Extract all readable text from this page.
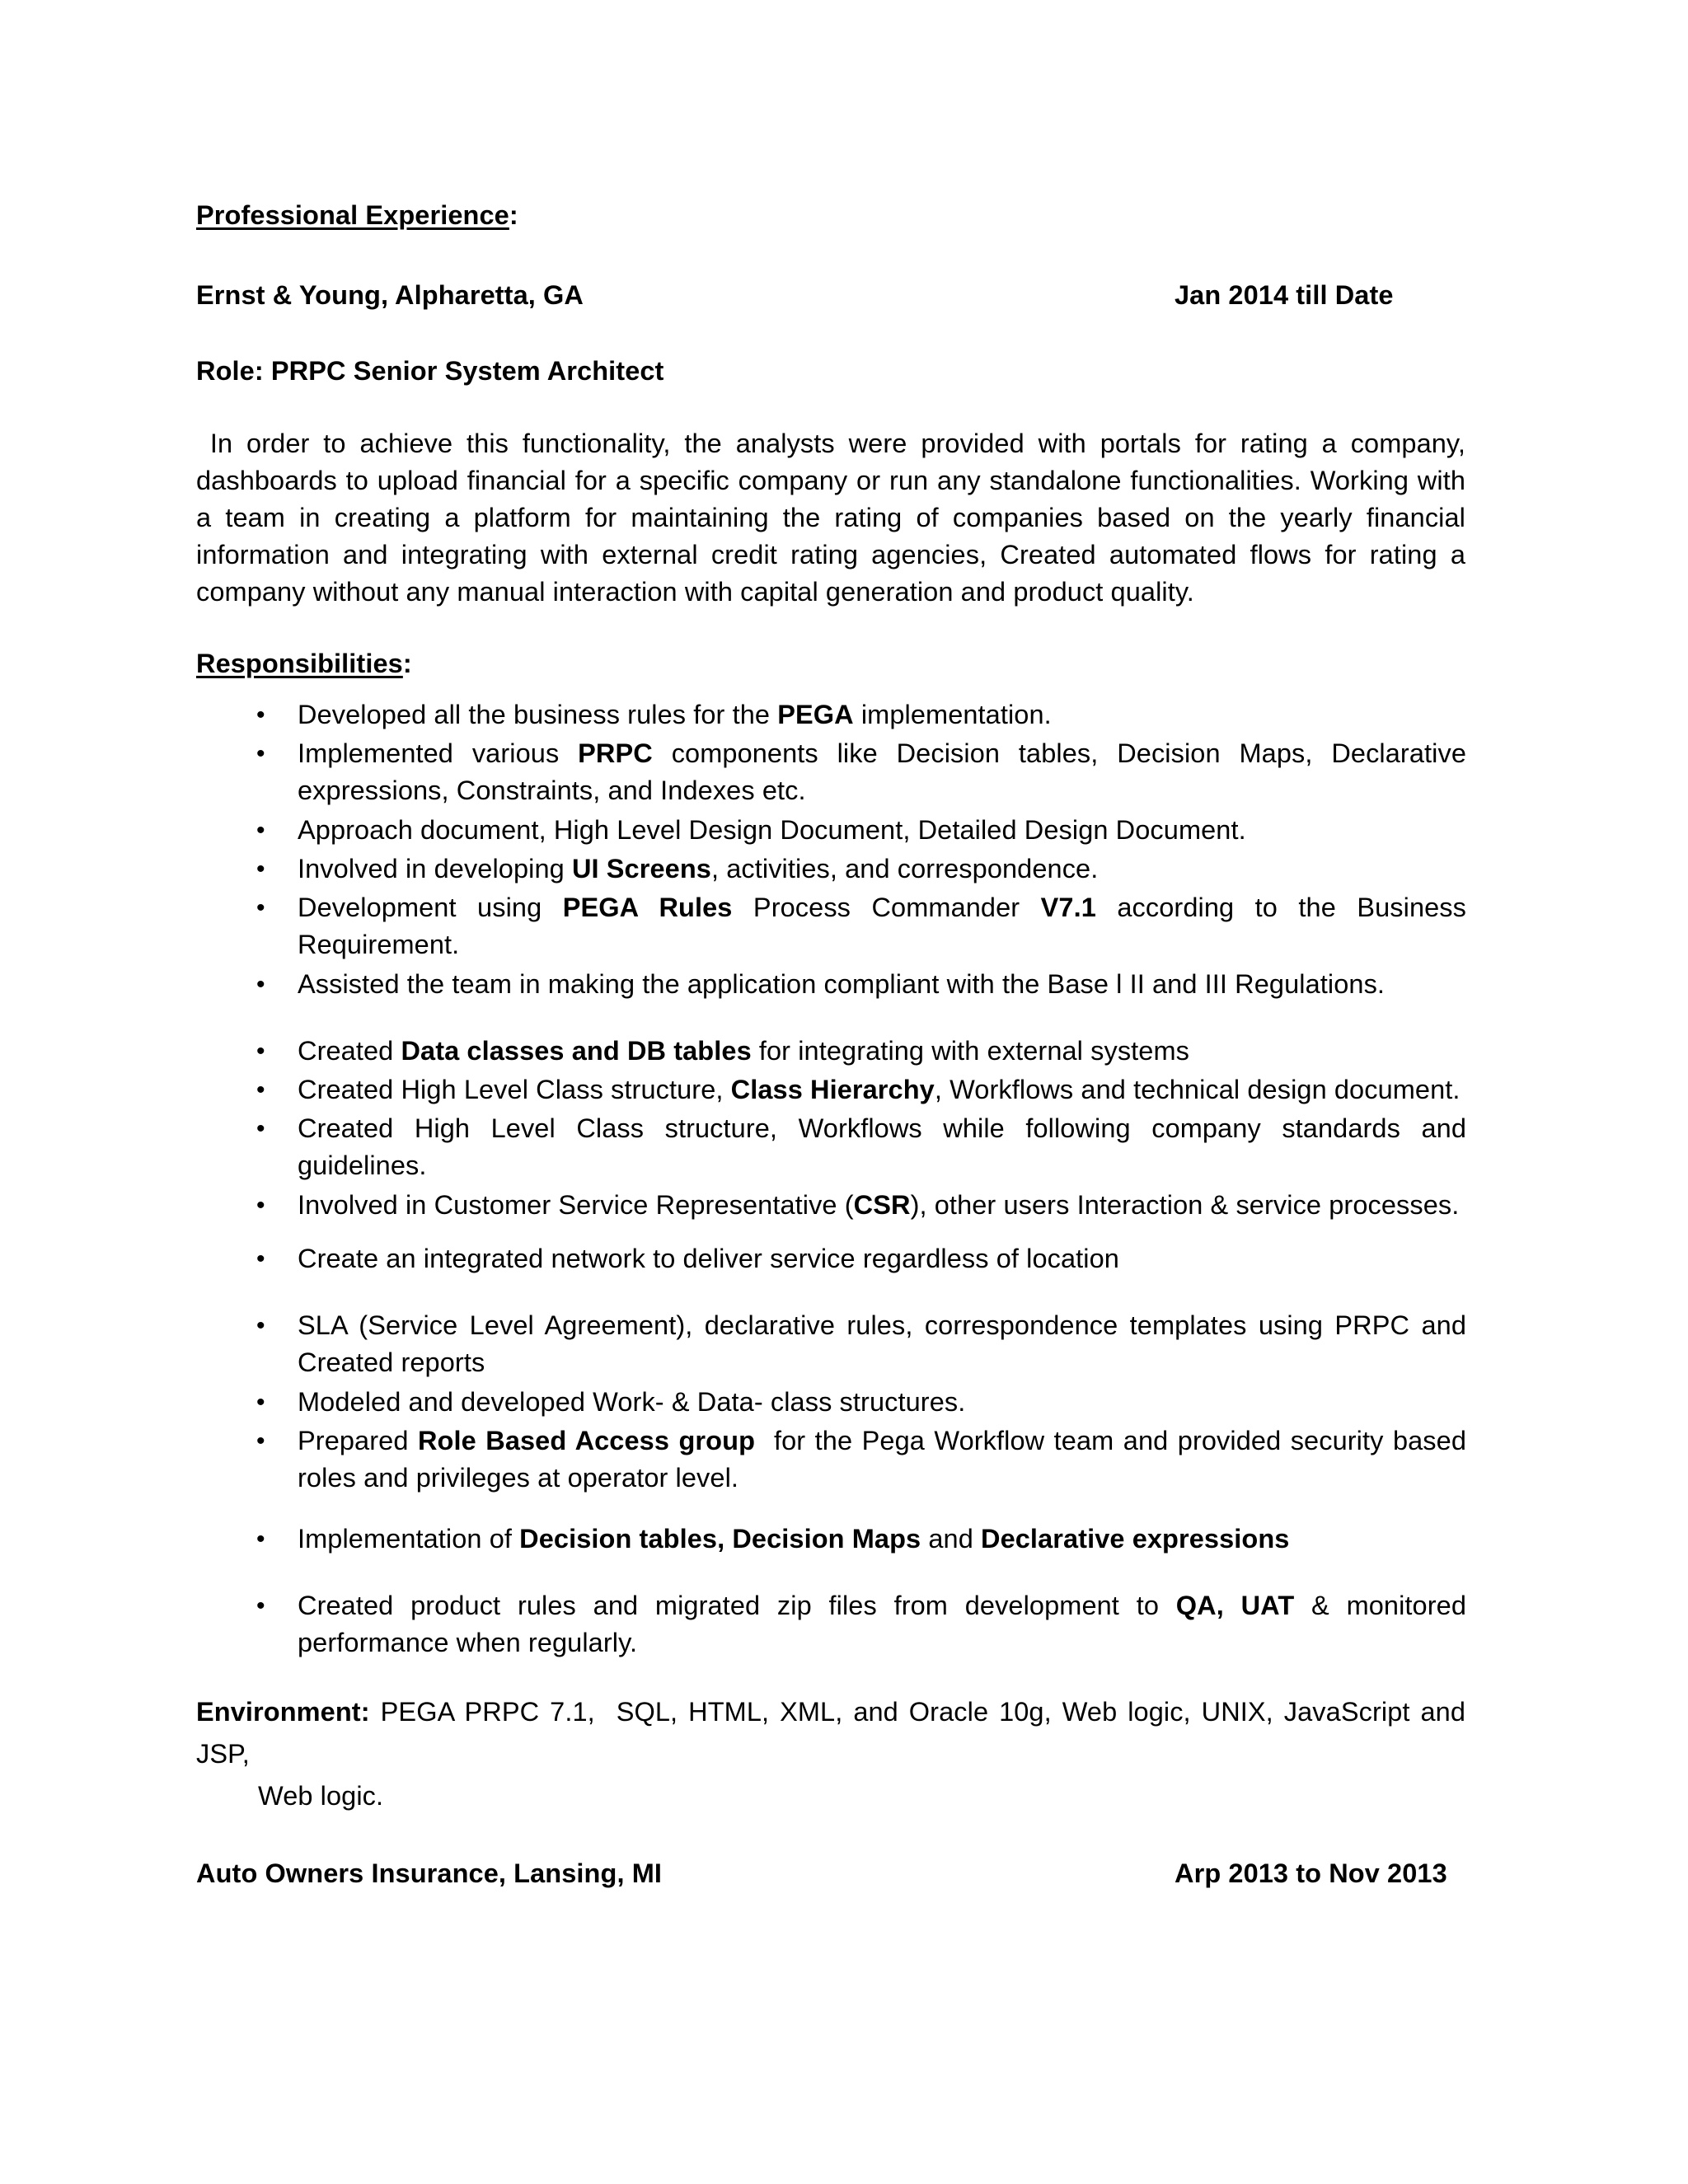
Professional Experience:
Ernst & Young, Alpharetta, GA	Jan 2014 till Date
Role: PRPC Senior System Architect
In order to achieve this functionality, the analysts were provided with portals for rating a company, dashboards to upload financial for a specific company or run any standalone functionalities. Working with a team in creating a platform for maintaining the rating of companies based on the yearly financial information and integrating with external credit rating agencies, Created automated flows for rating a company without any manual interaction with capital generation and product quality.
Responsibilities:
• Developed all the business rules for the PEGA implementation.
• Implemented various PRPC components like Decision tables, Decision Maps, Declarative expressions, Constraints, and Indexes etc.
• Approach document, High Level Design Document, Detailed Design Document.
• Involved in developing UI Screens, activities, and correspondence.
• Development using PEGA Rules Process Commander V7.1 according to the Business Requirement.
• Assisted the team in making the application compliant with the Base l II and III Regulations.
• Created Data classes and DB tables for integrating with external systems
• Created High Level Class structure, Class Hierarchy, Workflows and technical design document.
• Created High Level Class structure, Workflows while following company standards and guidelines.
• Involved in Customer Service Representative (CSR), other users Interaction & service processes.
• Create an integrated network to deliver service regardless of location
• SLA (Service Level Agreement), declarative rules, correspondence templates using PRPC and Created reports
• Modeled and developed Work- & Data- class structures.
• Prepared Role Based Access group  for the Pega Workflow team and provided security based roles and privileges at operator level.
• Implementation of Decision tables, Decision Maps and Declarative expressions
• Created product rules and migrated zip files from development to QA, UAT & monitored performance when regularly.
Environment: PEGA PRPC 7.1,  SQL, HTML, XML, and Oracle 10g, Web logic, UNIX, JavaScript and JSP,
Web logic.
Auto Owners Insurance, Lansing, MI	Arp 2013 to Nov 2013
